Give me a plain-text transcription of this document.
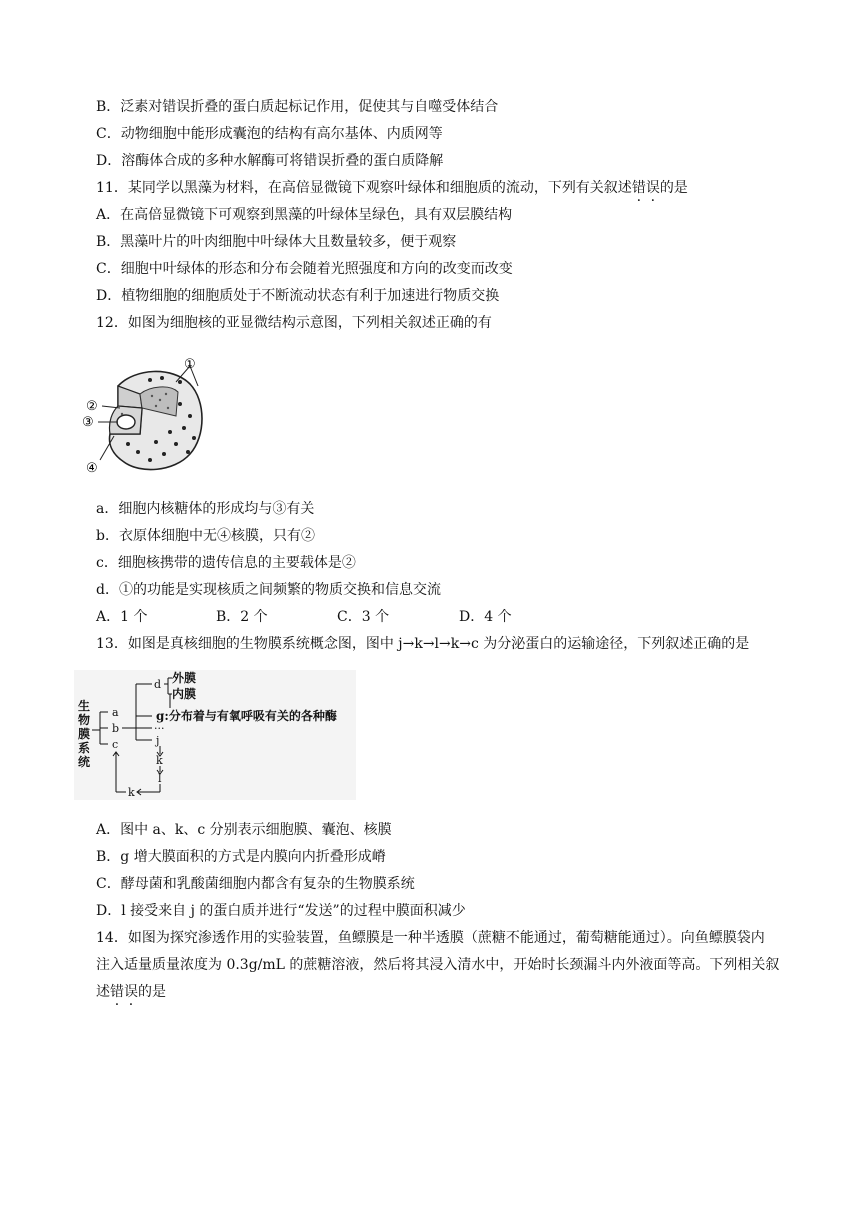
B．泛素对错误折叠的蛋白质起标记作用，促使其与自噬受体结合
C．动物细胞中能形成囊泡的结构有高尔基体、内质网等
D．溶酶体合成的多种水解酶可将错误折叠的蛋白质降解
11．某同学以黑藻为材料，在高倍显微镜下观察叶绿体和细胞质的流动，下列有关叙述错误的是
A．在高倍显微镜下可观察到黑藻的叶绿体呈绿色，具有双层膜结构
B．黑藻叶片的叶肉细胞中叶绿体大且数量较多，便于观察
C．细胞中叶绿体的形态和分布会随着光照强度和方向的改变而改变
D．植物细胞的细胞质处于不断流动状态有利于加速进行物质交换
12．如图为细胞核的亚显微结构示意图，下列相关叙述正确的有
①
②
③
④
a．细胞内核糖体的形成均与③有关
b．衣原体细胞中无④核膜，只有②
c．细胞核携带的遗传信息的主要载体是②
d．①的功能是实现核质之间频繁的物质交换和信息交流
A．1 个	B．2 个	C．3 个	D．4 个
13．如图是真核细胞的生物膜系统概念图，图中 j→k→l→k→c 为分泌蛋白的运输途径，下列叙述正确的是
生
物
膜
系
统
a
b
c
d
···
j
k
l
k
外膜
内膜
g:分布着与有氧呼吸有关的各种酶
A．图中 a、k、c 分别表示细胞膜、囊泡、核膜
B．g 增大膜面积的方式是内膜向内折叠形成嵴
C．酵母菌和乳酸菌细胞内都含有复杂的生物膜系统
D．l 接受来自 j 的蛋白质并进行“发送”的过程中膜面积减少
14．如图为探究渗透作用的实验装置，鱼鳔膜是一种半透膜（蔗糖不能通过，葡萄糖能通过）。向鱼鳔膜袋内
注入适量质量浓度为 0.3g/mL 的蔗糖溶液，然后将其浸入清水中，开始时长颈漏斗内外液面等高。下列相关叙
述错误的是
